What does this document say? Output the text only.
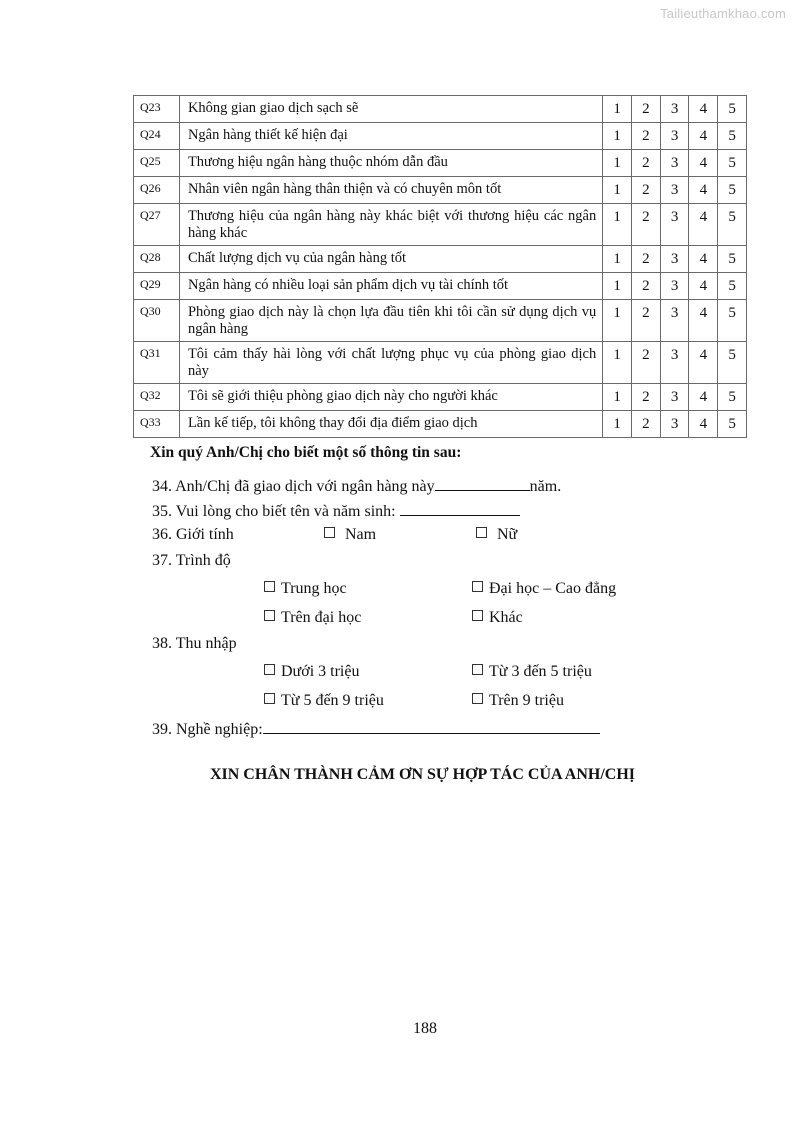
Tailieuthamkhao.com
Q23	Không gian giao dịch sạch sẽ	1	2	3	4	5
Q24	Ngân hàng thiết kế hiện đại	1	2	3	4	5
Q25	Thương hiệu ngân hàng thuộc nhóm dẫn đầu	1	2	3	4	5
Q26	Nhân viên ngân hàng thân thiện và có chuyên môn tốt	1	2	3	4	5
Q27	Thương hiệu của ngân hàng này khác biệt với thương hiệu các ngân hàng khác	1	2	3	4	5
Q28	Chất lượng dịch vụ của ngân hàng tốt	1	2	3	4	5
Q29	Ngân hàng có nhiều loại sản phẩm dịch vụ tài chính tốt	1	2	3	4	5
Q30	Phòng giao dịch này là chọn lựa đầu tiên khi tôi cần sử dụng dịch vụ ngân hàng	1	2	3	4	5
Q31	Tôi cảm thấy hài lòng với chất lượng phục vụ của phòng giao dịch này	1	2	3	4	5
Q32	Tôi sẽ giới thiệu phòng giao dịch này cho người khác	1	2	3	4	5
Q33	Lần kế tiếp, tôi không thay đổi địa điểm giao dịch	1	2	3	4	5
Xin quý Anh/Chị cho biết một số thông tin sau:
34. Anh/Chị đã giao dịch với ngân hàng này	năm.
35. Vui lòng cho biết tên và năm sinh:
36. Giới tính	Nam	Nữ
37. Trình độ
Trung học	Đại học – Cao đẳng
Trên đại học	Khác
38. Thu nhập
Dưới 3 triệu	Từ 3 đến 5 triệu
Từ 5 đến 9 triệu	Trên 9 triệu
39. Nghề nghiệp:
XIN CHÂN THÀNH CẢM ƠN SỰ HỢP TÁC CỦA ANH/CHỊ
188
